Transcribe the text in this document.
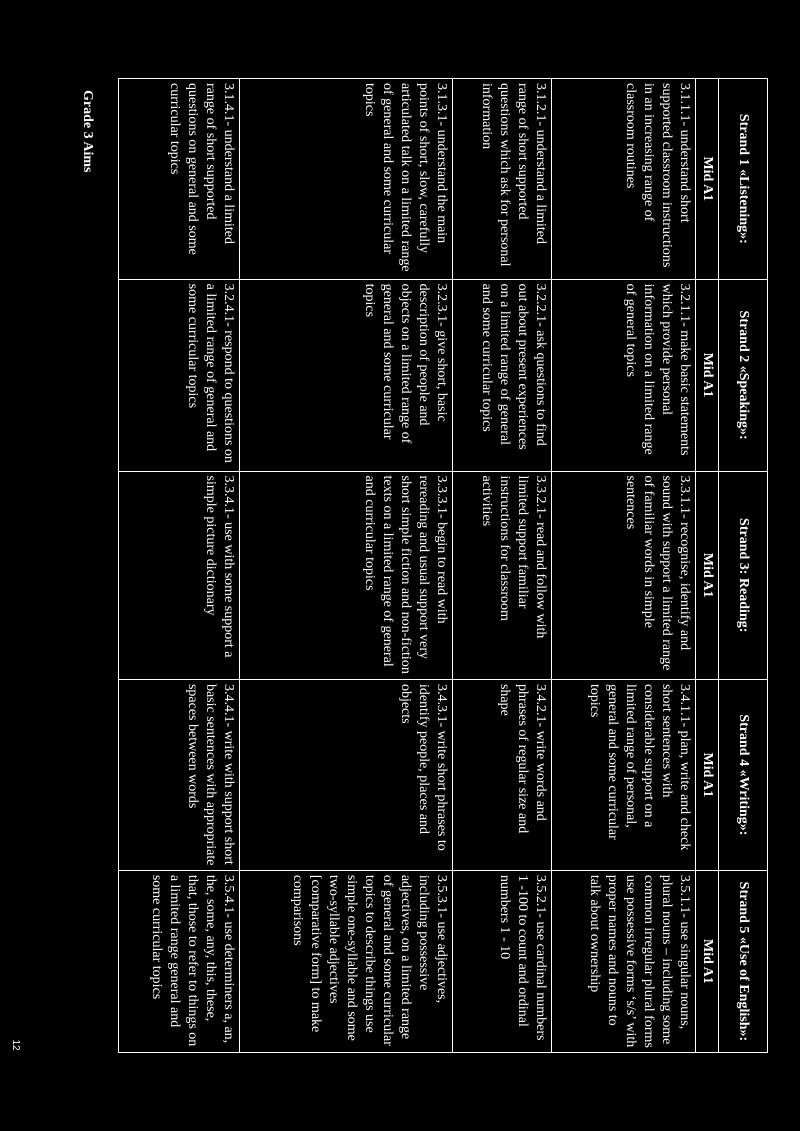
Grade 3 Aims	Strand 1 «Listening»:	Strand 2 «Speaking»:	Strand 3: Reading:	Strand 4 «Writing»:	Strand 5 «Use of English»:
Mid A1	Mid A1	Mid A1	Mid A1	Mid A1
3.1.1.1- understand short supported classroom instructions in an increasing range of classroom routines	3.2.1.1- make basic statements which provide personal information on a limited range of general topics	3.3.1.1- recognise, identify and sound with support a limited range of familiar words in simple sentences	3.4.1.1- plan, write and check short sentences with considerable support on a limited range of personal, general and some curricular topics	3.5.1.1- use singular nouns, plural nouns – including some common irregular plural forms use possessive forms ‘s/s’ with proper names and nouns to talk about ownership
3.1.2.1- understand a limited range of short supported questions which ask for personal information	3.2.2.1- ask questions to find out about present experiences on a limited range of general and some curricular topics	3.3.2.1- read and follow with limited support familiar instructions for classroom activities	3.4.2.1- write words and phrases of regular size and shape	3.5.2.1- use cardinal numbers 1 -100 to count and ordinal numbers 1 - 10
3.1.3.1- understand the main points of short, slow, carefully articulated talk on a limited range of general and some curricular topics	3.2.3.1- give short, basic description of people and objects on a limited range of general and some curricular topics	3.3.3.1- begin to read with rereading and usual support very short simple fiction and non-fiction texts on a limited range of general and curricular topics	3.4.3.1- write short phrases to identify people, places and objects	3.5.3.1- use adjectives, including possessive adjectives, on a limited range of general and some curricular topics to describe things use simple one-syllable and some two-syllable adjectives [comparative form] to make comparisons
3.1.4.1- understand a limited range of short supported questions on general and some curricular topics	3.2.4.1- respond to questions on a limited range of general and some curricular topics	3.3.4.1- use with some support a simple picture dictionary	3.4.4.1- write with support short basic sentences with appropriate spaces between words	3.5.4.1- use determiners a, an, the, some, any, this, these, that, those to refer to things on a limited range general and some curricular topics
12
